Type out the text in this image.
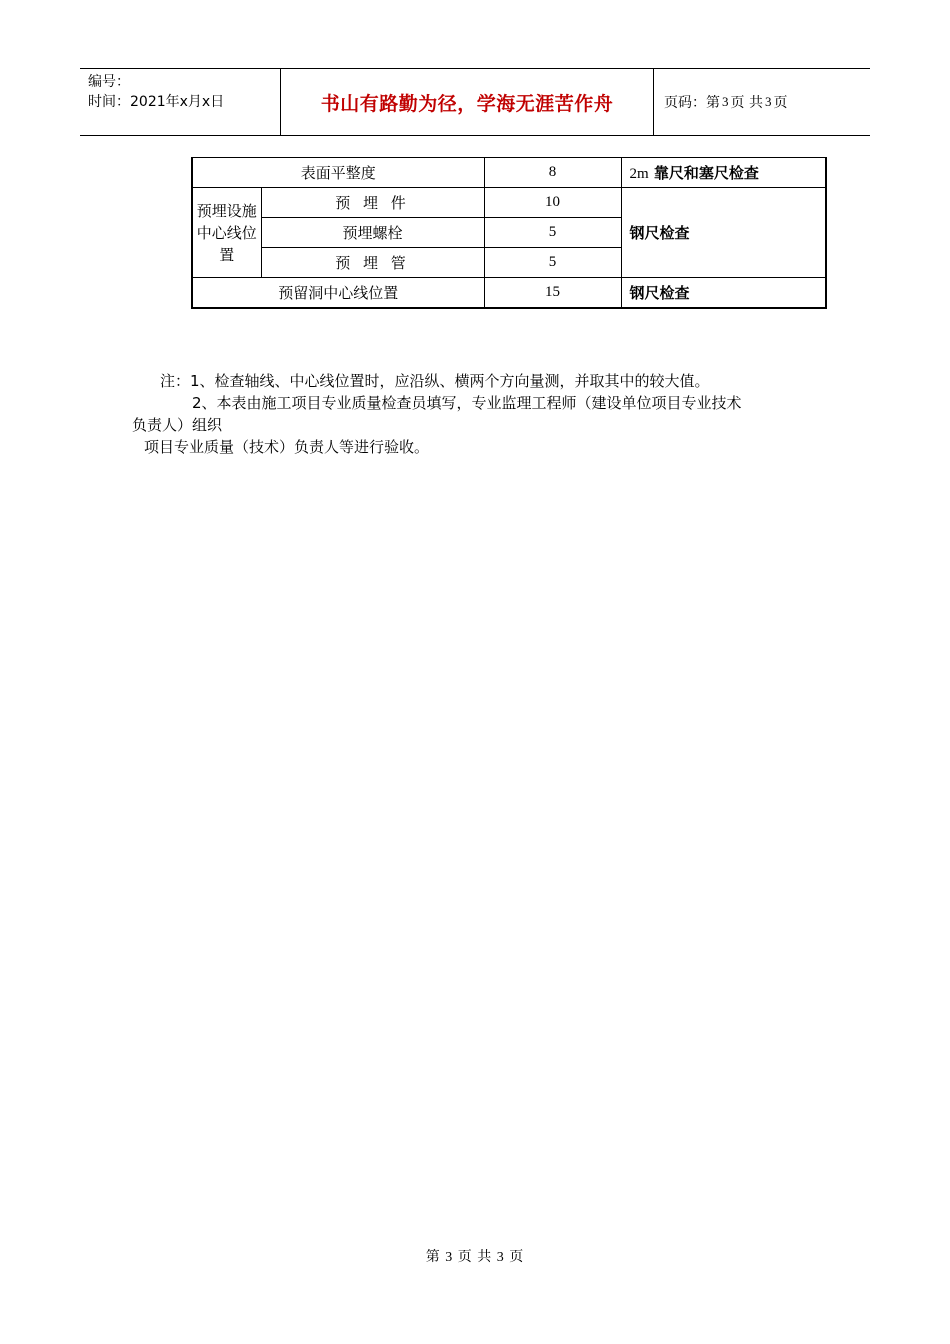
编号：
时间：2021年x月x日	书山有路勤为径，学海无涯苦作舟	页码：第 3 页 共 3 页
表面平整度		8	2m 靠尺和塞尺检查
预埋设施中心线位置	预 埋 件	10	钢尺检查
	预埋螺栓	5	
	预 埋 管	5	
预留洞中心线位置		15	钢尺检查
注：1、检查轴线、中心线位置时，应沿纵、横两个方向量测，并取其中的较大值。
2、本表由施工项目专业质量检查员填写，专业监理工程师（建设单位项目专业技术
负责人）组织
项目专业质量（技术）负责人等进行验收。
第 3 页 共 3 页
